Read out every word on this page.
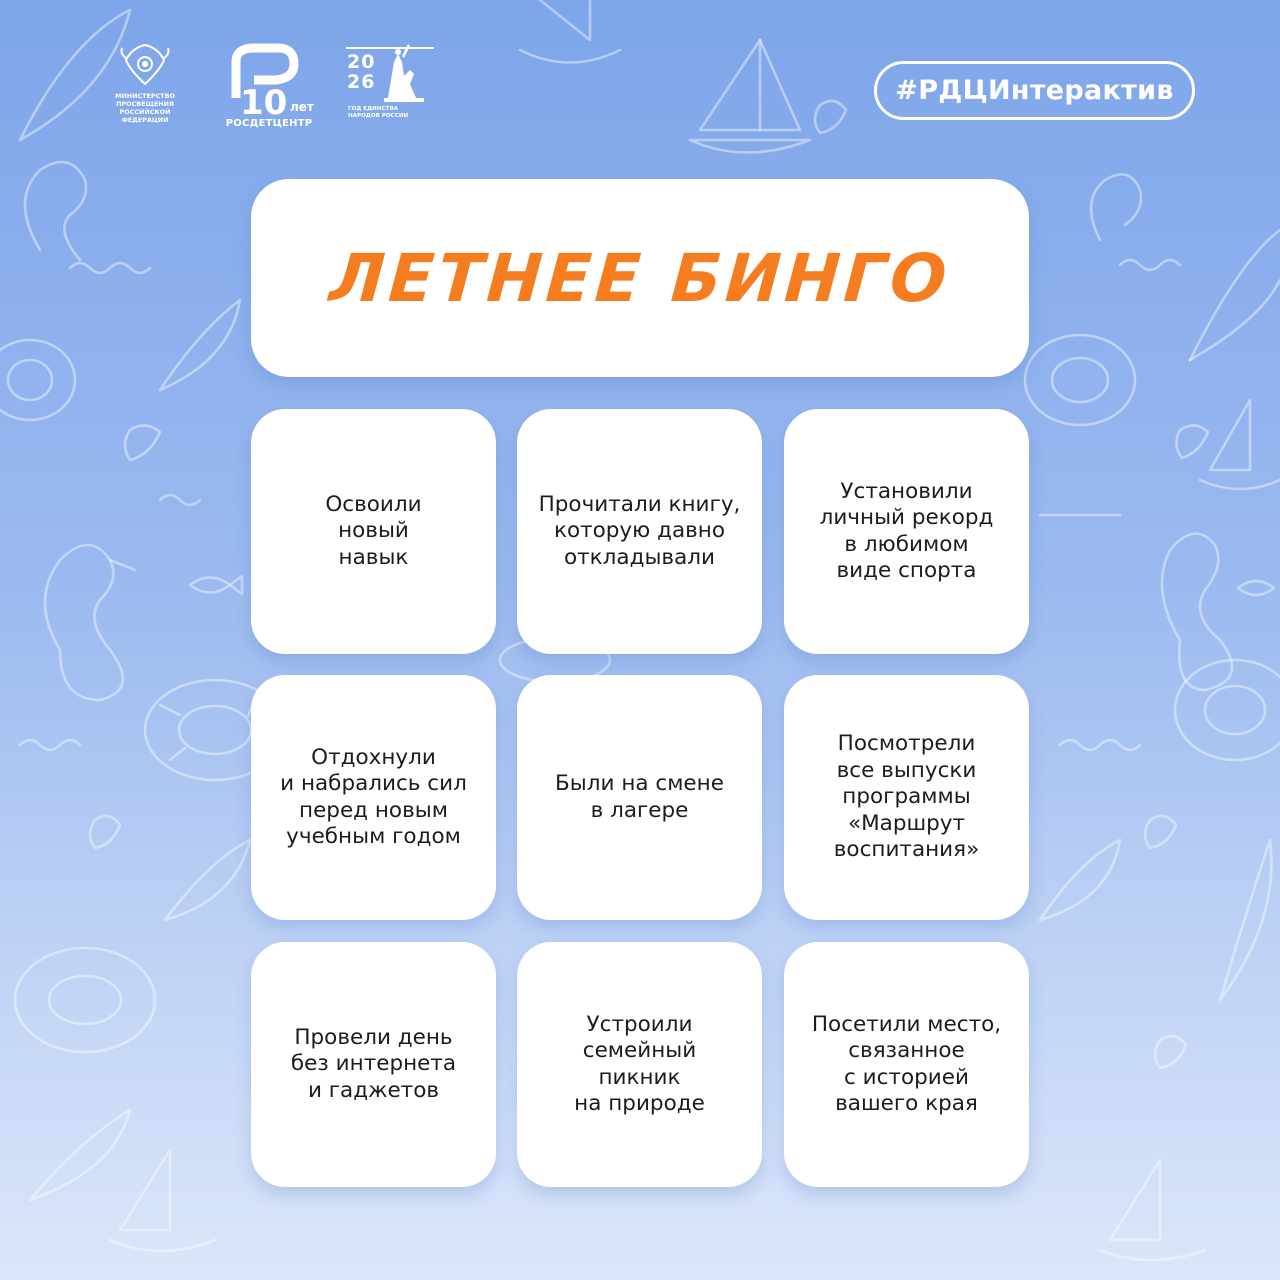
МИНИСТЕРСТВО
ПРОСВЕЩЕНИЯ
РОССИЙСКОЙ
ФЕДЕРАЦИИ	10 лет
РОСДЕТЦЕНТР
20
26
ГОД ЕДИНСТВА
НАРОДОВ РОССИИ
#РДЦИнтерактив
ЛЕТНЕЕ БИНГО
Освоили
новый
навык
Прочитали книгу,
которую давно
откладывали
Установили
личный рекорд
в любимом
виде спорта
Отдохнули
и набрались сил
перед новым
учебным годом
Были на смене
в лагере
Посмотрели
все выпуски
программы
«Маршрут
воспитания»
Провели день
без интернета
и гаджетов
Устроили
семейный
пикник
на природе
Посетили место,
связанное
с историей
вашего края
